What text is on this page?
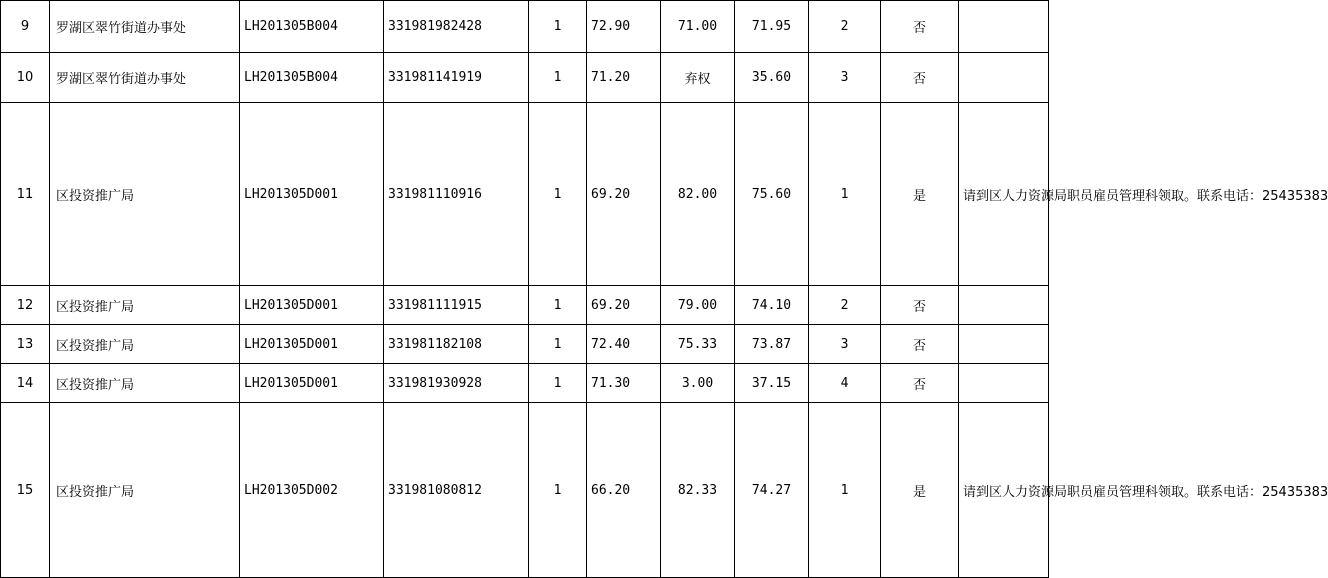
9	罗湖区翠竹街道办事处	LH201305B004	331981982428	1	72.90	71.00	71.95	2	否	
10	罗湖区翠竹街道办事处	LH201305B004	331981141919	1	71.20	弃权	35.60	3	否	
11	区投资推广局	LH201305D001	331981110916	1	69.20	82.00	75.60	1	是	请到区人力资源局职员雇员管理科领取。联系电话：25435383
12	区投资推广局	LH201305D001	331981111915	1	69.20	79.00	74.10	2	否	
13	区投资推广局	LH201305D001	331981182108	1	72.40	75.33	73.87	3	否	
14	区投资推广局	LH201305D001	331981930928	1	71.30	3.00	37.15	4	否	
15	区投资推广局	LH201305D002	331981080812	1	66.20	82.33	74.27	1	是	请到区人力资源局职员雇员管理科领取。联系电话：25435383
